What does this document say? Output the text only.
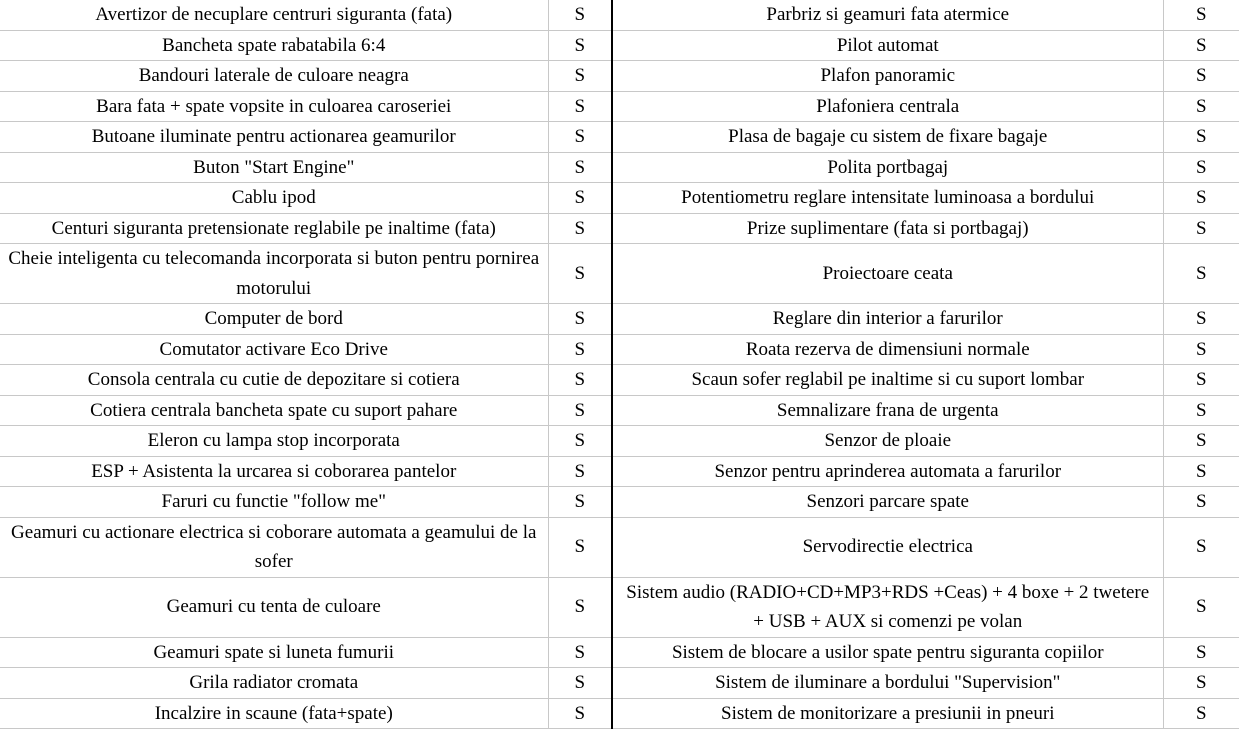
Avertizor de necuplare centruri siguranta (fata)	S	Parbriz si geamuri fata atermice	S
Bancheta spate rabatabila 6:4	S	Pilot automat	S
Bandouri laterale de culoare neagra	S	Plafon panoramic	S
Bara fata + spate vopsite in culoarea caroseriei	S	Plafoniera centrala	S
Butoane iluminate pentru actionarea geamurilor	S	Plasa de bagaje cu sistem de fixare bagaje	S
Buton "Start Engine"	S	Polita portbagaj	S
Cablu ipod	S	Potentiometru reglare intensitate luminoasa a bordului	S
Centuri siguranta pretensionate reglabile pe inaltime (fata)	S	Prize suplimentare (fata si portbagaj)	S
Cheie inteligenta cu telecomanda incorporata si buton pentru pornirea motorului	S	Proiectoare ceata	S
Computer de bord	S	Reglare din interior a farurilor	S
Comutator activare Eco Drive	S	Roata rezerva de dimensiuni normale	S
Consola centrala cu cutie de depozitare si cotiera	S	Scaun sofer reglabil pe inaltime si cu suport lombar	S
Cotiera centrala bancheta spate cu suport pahare	S	Semnalizare frana de urgenta	S
Eleron cu lampa stop incorporata	S	Senzor de ploaie	S
ESP + Asistenta la urcarea si coborarea pantelor	S	Senzor pentru aprinderea automata a farurilor	S
Faruri cu functie "follow me"	S	Senzori parcare spate	S
Geamuri cu actionare electrica si coborare automata a geamului de la sofer	S	Servodirectie electrica	S
Geamuri cu tenta de culoare	S	Sistem audio (RADIO+CD+MP3+RDS +Ceas) + 4 boxe + 2 twetere + USB + AUX si comenzi pe volan	S
Geamuri spate si luneta fumurii	S	Sistem de blocare a usilor spate pentru siguranta copiilor	S
Grila radiator cromata	S	Sistem de iluminare a bordului "Supervision"	S
Incalzire in scaune (fata+spate)	S	Sistem de monitorizare a presiunii in pneuri	S
